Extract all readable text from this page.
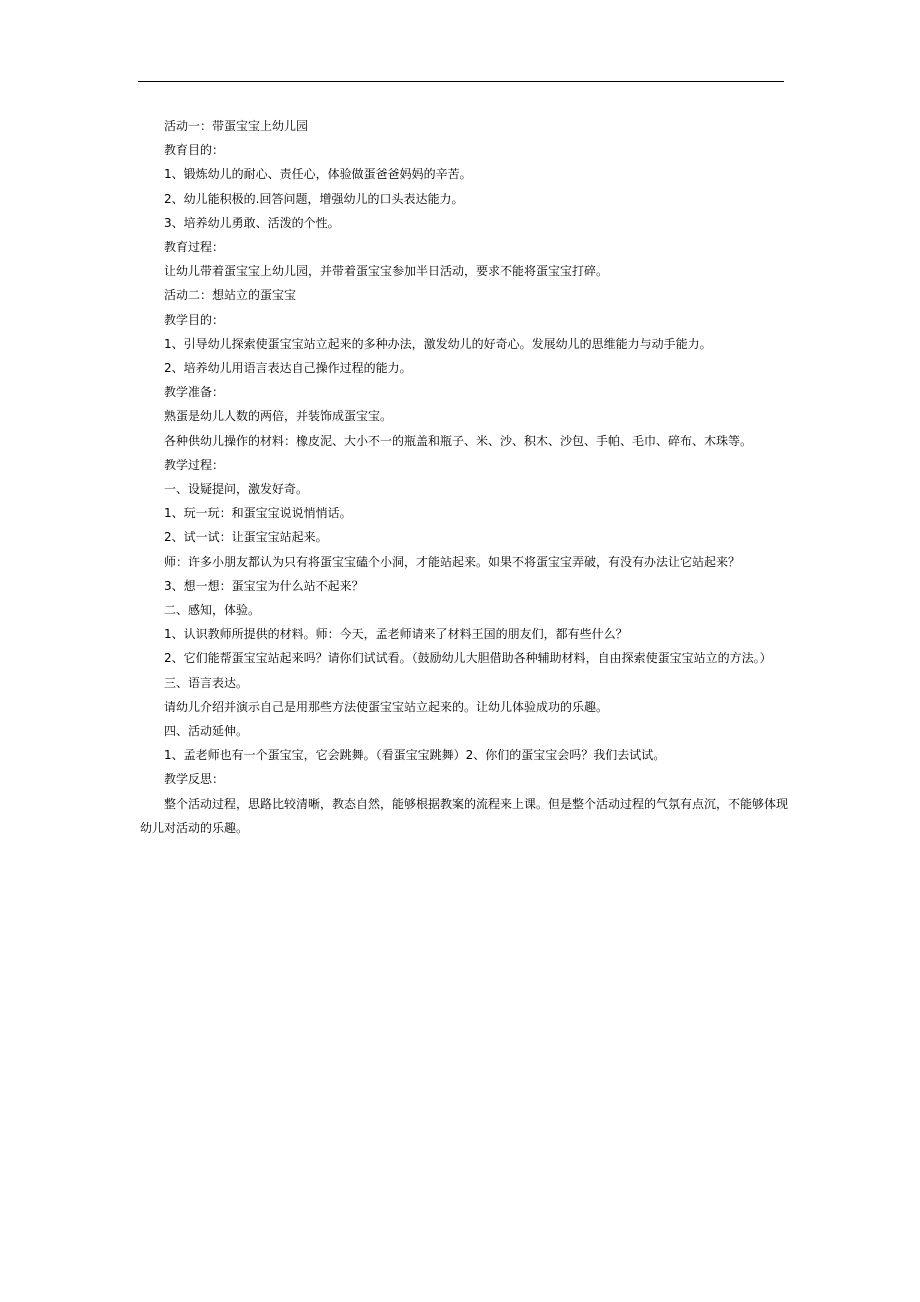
活动一：带蛋宝宝上幼儿园

教育目的：

1、锻炼幼儿的耐心、责任心，体验做蛋爸爸妈妈的辛苦。

2、幼儿能积极的.回答问题，增强幼儿的口头表达能力。

3、培养幼儿勇敢、活泼的个性。

教育过程：

让幼儿带着蛋宝宝上幼儿园，并带着蛋宝宝参加半日活动，要求不能将蛋宝宝打碎。

活动二：想站立的蛋宝宝

教学目的：

1、引导幼儿探索使蛋宝宝站立起来的多种办法，激发幼儿的好奇心。发展幼儿的思维能力与动手能力。

2、培养幼儿用语言表达自己操作过程的能力。

教学准备：

熟蛋是幼儿人数的两倍，并装饰成蛋宝宝。

各种供幼儿操作的材料：橡皮泥、大小不一的瓶盖和瓶子、米、沙、积木、沙包、手帕、毛巾、碎布、木珠等。

教学过程：

一、设疑提问，激发好奇。

1、玩一玩：和蛋宝宝说说悄悄话。

2、试一试：让蛋宝宝站起来。

师：许多小朋友都认为只有将蛋宝宝磕个小洞，才能站起来。如果不将蛋宝宝弄破，有没有办法让它站起来？

3、想一想：蛋宝宝为什么站不起来？

二、感知，体验。

1、认识教师所提供的材料。师：今天，孟老师请来了材料王国的朋友们，都有些什么？

2、它们能帮蛋宝宝站起来吗？请你们试试看。（鼓励幼儿大胆借助各种辅助材料，自由探索使蛋宝宝站立的方法。）

三、语言表达。

请幼儿介绍并演示自己是用那些方法使蛋宝宝站立起来的。让幼儿体验成功的乐趣。

四、活动延伸。

1、孟老师也有一个蛋宝宝，它会跳舞。（看蛋宝宝跳舞）2、你们的蛋宝宝会吗？我们去试试。

教学反思：

整个活动过程，思路比较清晰，教态自然，能够根据教案的流程来上课。但是整个活动过程的气氛有点沉，不能够体现幼儿对活动的乐趣。
